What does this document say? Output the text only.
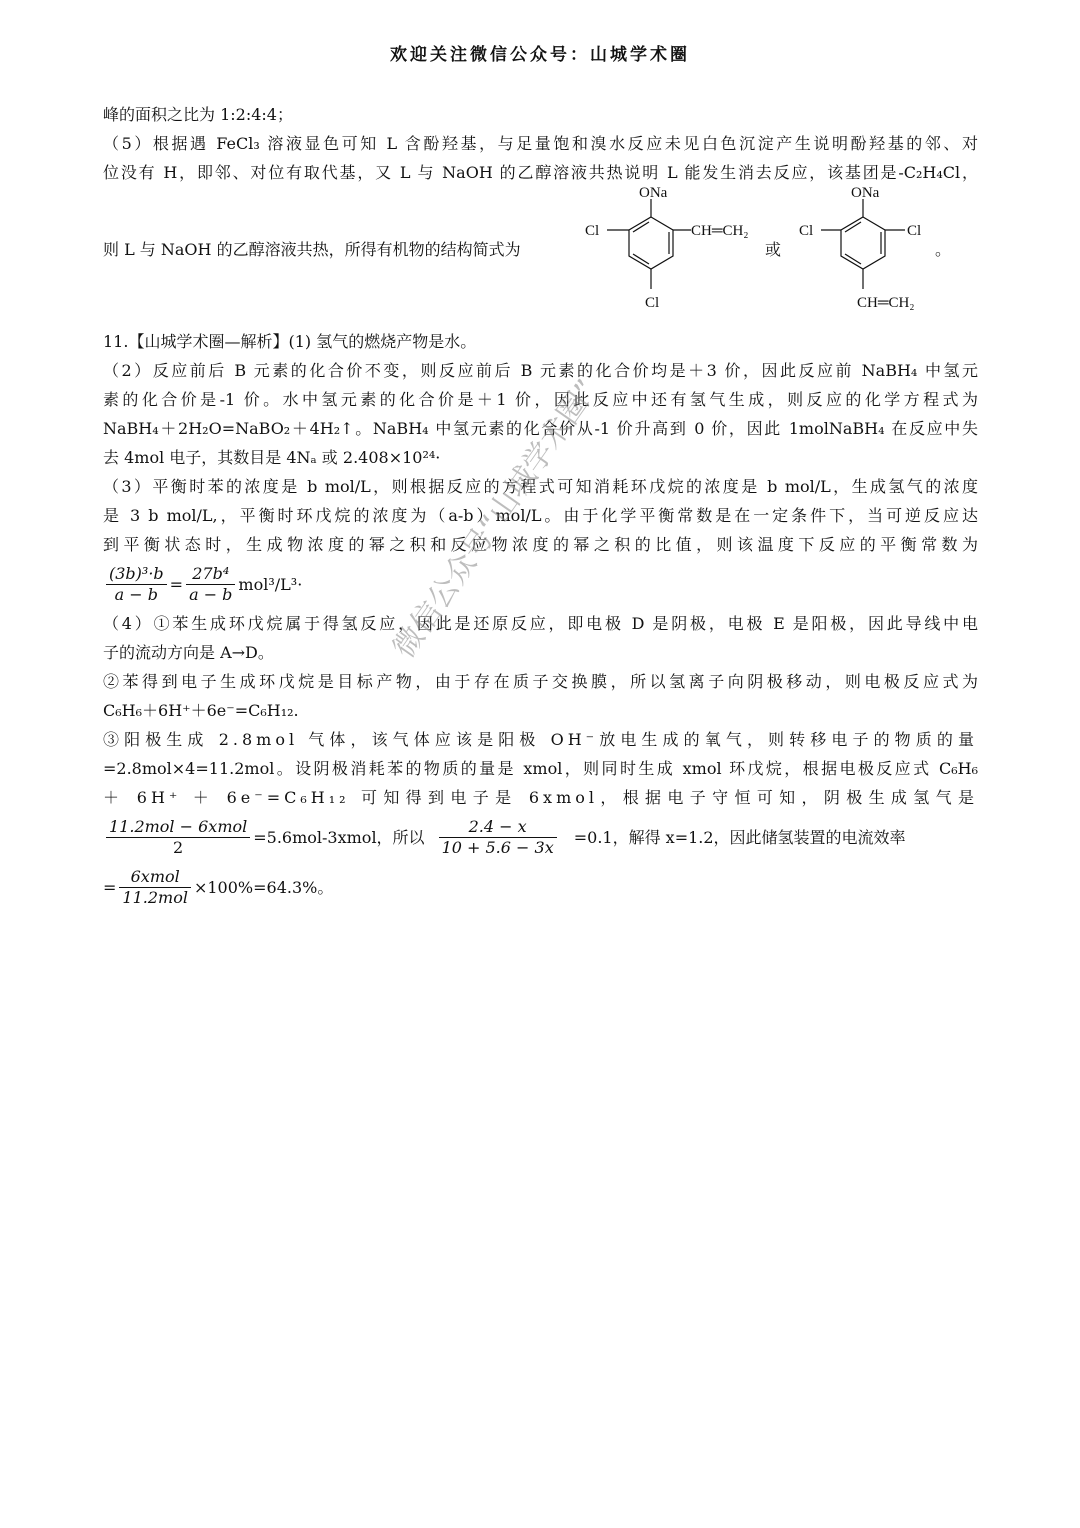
欢迎关注微信公众号：山城学术圈
峰的面积之比为 1:2:4:4；
（5）根据遇 FeCl₃ 溶液显色可知 L 含酚羟基，与足量饱和溴水反应未见白色沉淀产生说明酚羟基的邻、对
位没有 H，即邻、对位有取代基，又 L 与 NaOH 的乙醇溶液共热说明 L 能发生消去反应，该基团是-C₂H₄Cl，
则 L 与 NaOH 的乙醇溶液共热，所得有机物的结构简式为
ONa
Cl	CH═CH₂
Cl
或
ONa
Cl	Cl
CH═CH₂
。
11.【山城学术圈—解析】(1) 氢气的燃烧产物是水。
（2）反应前后 B 元素的化合价不变，则反应前后 B 元素的化合价均是＋3 价，因此反应前 NaBH₄ 中氢元
素的化合价是-1 价。水中氢元素的化合价是＋1 价，因此反应中还有氢气生成，则反应的化学方程式为
NaBH₄＋2H₂O=NaBO₂＋4H₂↑。NaBH₄ 中氢元素的化合价从-1 价升高到 0 价，因此 1molNaBH₄ 在反应中失
去 4mol 电子，其数目是 4Nₐ 或 2.408×10²⁴·
（3）平衡时苯的浓度是 b mol/L，则根据反应的方程式可知消耗环戊烷的浓度是 b mol/L，生成氢气的浓度
是 3 b mol/L,，平衡时环戊烷的浓度为（a-b）mol/L。由于化学平衡常数是在一定条件下，当可逆反应达
到平衡状态时，生成物浓度的幂之积和反应物浓度的幂之积的比值，则该温度下反应的平衡常数为
$\frac{\text{(3b)³·b}}{a - b} = \frac{\text{27b⁴}}{a - b} mol^3/L^3\cdot$
（4）①苯生成环戊烷属于得氢反应，因此是还原反应，即电极 D 是阴极，电极 E 是阳极，因此导线中电
子的流动方向是 A→D。
②苯得到电子生成环戊烷是目标产物，由于存在质子交换膜，所以氢离子向阴极移动，则电极反应式为
C₆H₆＋6H⁺＋6e⁻=C₆H₁₂.
③阳极生成 2.8mol 气体，该气体应该是阳极 OH⁻放电生成的氧气，则转移电子的物质的量
=2.8mol×4=11.2mol。设阴极消耗苯的物质的量是 xmol，则同时生成 xmol 环戊烷，根据电极反应式 C₆H₆
＋ 6H⁺ ＋ 6e⁻=C₆H₁₂ 可知得到电子是 6xmol，根据电子守恒可知，阴极生成氢气是
$\frac{\text{11.2mol − 6xmol}}{2}$ =5.6mol-3xmol，所以 $\frac{2.4 - x}{10 + 5.6 - 3x} =0.1$，解得 x=1.2，因此储氢装置的电流效率
= $\frac{\text{6xmol}}{\text{11.2mol}} \times 100\%=64.3\%$。
微信公众号“山城学术圈”
